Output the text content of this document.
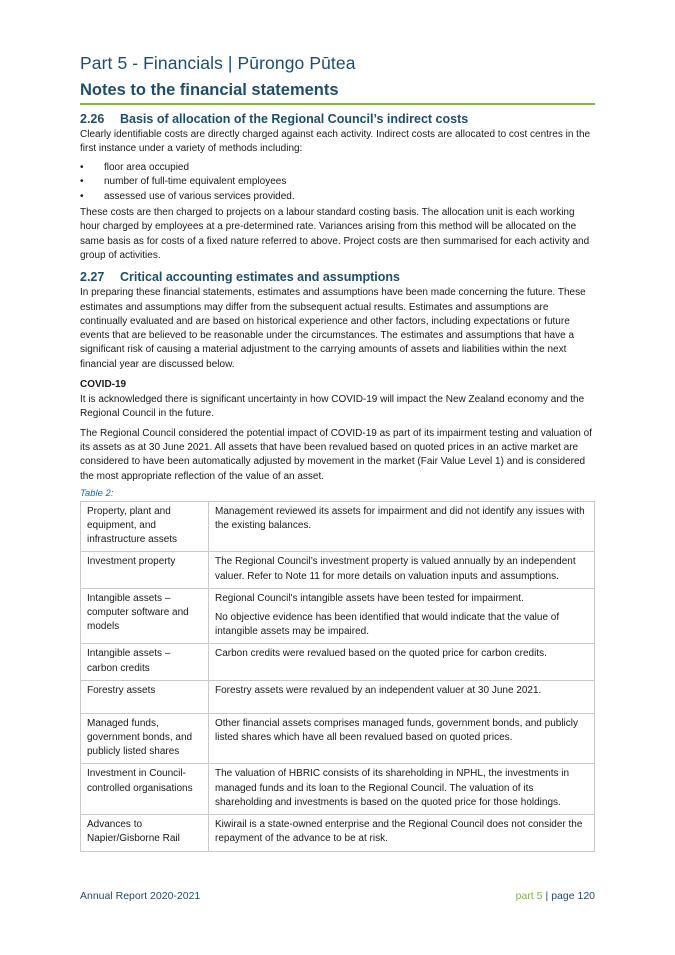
Part 5 - Financials | Pūrongo Pūtea
Notes to the financial statements
2.26 Basis of allocation of the Regional Council’s indirect costs

Clearly identifiable costs are directly charged against each activity. Indirect costs are allocated to cost centres in the first instance under a variety of methods including:

• floor area occupied
• number of full-time equivalent employees
• assessed use of various services provided.

These costs are then charged to projects on a labour standard costing basis. The allocation unit is each working hour charged by employees at a pre-determined rate. Variances arising from this method will be allocated on the same basis as for costs of a fixed nature referred to above. Project costs are then summarised for each activity and group of activities.

2.27 Critical accounting estimates and assumptions

In preparing these financial statements, estimates and assumptions have been made concerning the future. These estimates and assumptions may differ from the subsequent actual results. Estimates and assumptions are continually evaluated and are based on historical experience and other factors, including expectations or future events that are believed to be reasonable under the circumstances. The estimates and assumptions that have a significant risk of causing a material adjustment to the carrying amounts of assets and liabilities within the next financial year are discussed below.

COVID-19

It is acknowledged there is significant uncertainty in how COVID-19 will impact the New Zealand economy and the Regional Council in the future.

The Regional Council considered the potential impact of COVID-19 as part of its impairment testing and valuation of its assets as at 30 June 2021. All assets that have been revalued based on quoted prices in an active market are considered to have been automatically adjusted by movement in the market (Fair Value Level 1) and is considered the most appropriate reflection of the value of an asset.

Table 2:
Property, plant and equipment, and infrastructure assets	Management reviewed its assets for impairment and did not identify any issues with the existing balances.

Investment property	The Regional Council’s investment property is valued annually by an independent valuer. Refer to Note 11 for more details on valuation inputs and assumptions.

Intangible assets – computer software and models	Regional Council's intangible assets have been tested for impairment.

No objective evidence has been identified that would indicate that the value of intangible assets may be impaired.

Intangible assets – carbon credits	Carbon credits were revalued based on the quoted price for carbon credits.

Forestry assets	Forestry assets were revalued by an independent valuer at 30 June 2021.

Managed funds, government bonds, and publicly listed shares	Other financial assets comprises managed funds, government bonds, and publicly listed shares which have all been revalued based on quoted prices.

Investment in Council-controlled organisations	The valuation of HBRIC consists of its shareholding in NPHL, the investments in managed funds and its loan to the Regional Council. The valuation of its shareholding and investments is based on the quoted price for those holdings.

Advances to Napier/Gisborne Rail	Kiwirail is a state-owned enterprise and the Regional Council does not consider the repayment of the advance to be at risk.

Annual Report 2020-2021	part 5 | page 120
